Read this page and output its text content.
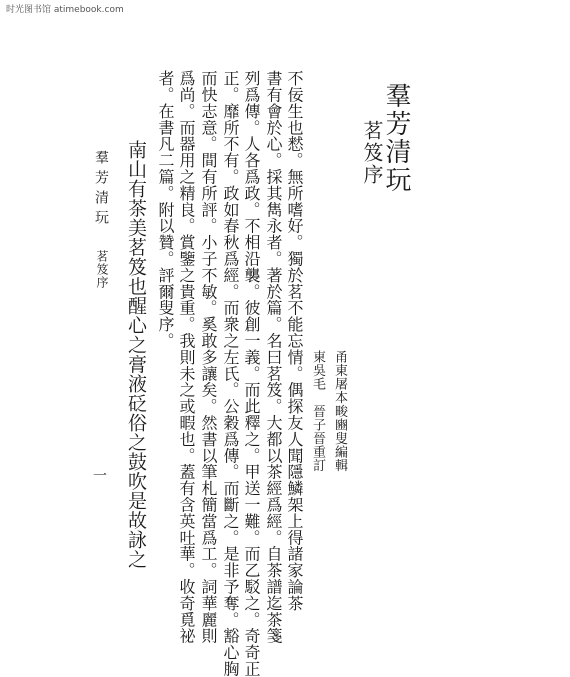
时光图书馆 atimebook.com
羣芳清玩
茗笈序
甬東屠本畯豳叟編輯
東吳毛　晉子晉重訂
不佞生也慭。無所嗜好。獨於茗不能忘情。偶探友人聞隱鱗架上得諸家論茶
書有會於心。採其雋永者。著於篇。名曰茗笈。大都以茶經爲經。自茶譜迄茶箋
列爲傳。人各爲政。不相沿襲。彼創一義。而此釋之。甲送一難。而乙駁之。奇奇正
正。靡所不有。政如春秋爲經。而衆之左氏。公穀爲傳。而斷之。是非予奪。豁心胸
而快志意。間有所評。小子不敏。奚敢多讓矣。然書以筆札簡當爲工。詞華麗則
爲尚。而器用之精良。賞鑒之貴重。我則未之或暇也。蓋有含英吐華。收奇覓祕
者。在書凡二篇。附以贊。評爾叟序。
羣芳清玩
茗笈序
一 南山有茶美茗笈也醒心之膏液砭俗之鼓吹是故詠之
